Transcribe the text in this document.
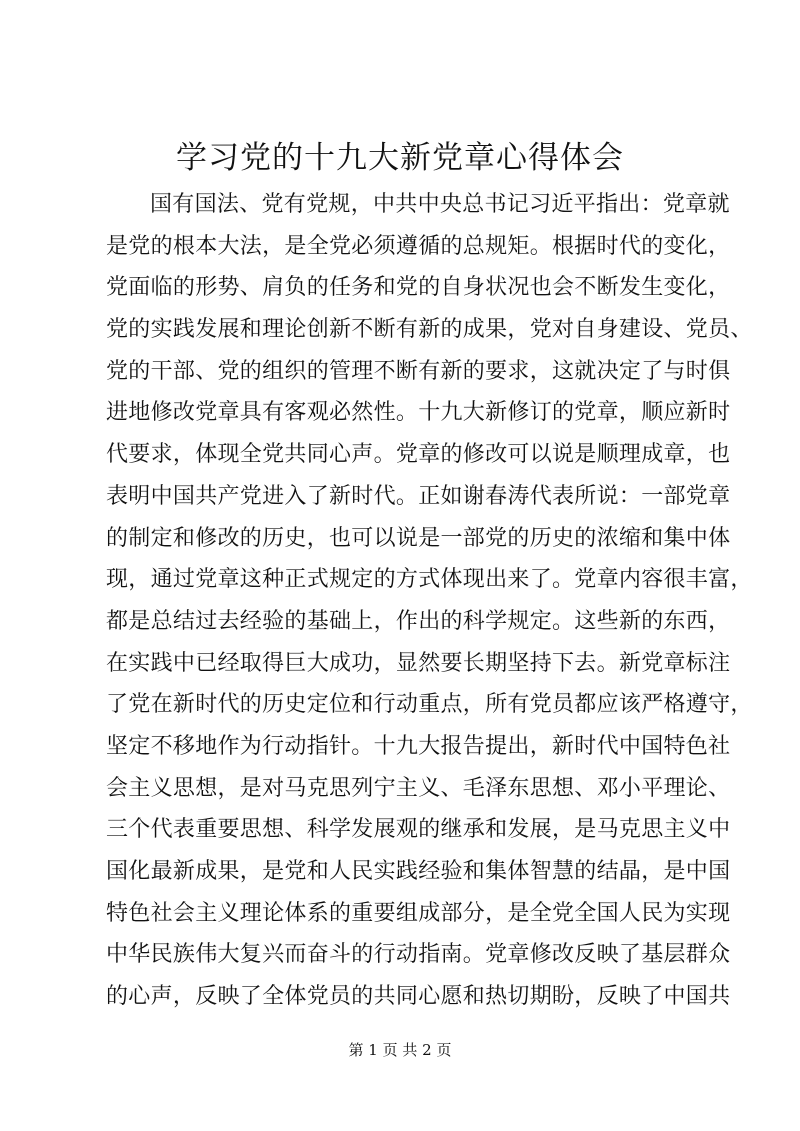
学习党的十九大新党章心得体会
国有国法、党有党规，中共中央总书记习近平指出：党章就
是党的根本大法，是全党必须遵循的总规矩。根据时代的变化，
党面临的形势、肩负的任务和党的自身状况也会不断发生变化，
党的实践发展和理论创新不断有新的成果，党对自身建设、党员、
党的干部、党的组织的管理不断有新的要求，这就决定了与时俱
进地修改党章具有客观必然性。十九大新修订的党章，顺应新时
代要求，体现全党共同心声。党章的修改可以说是顺理成章，也
表明中国共产党进入了新时代。正如谢春涛代表所说：一部党章
的制定和修改的历史，也可以说是一部党的历史的浓缩和集中体
现，通过党章这种正式规定的方式体现出来了。党章内容很丰富，
都是总结过去经验的基础上，作出的科学规定。这些新的东西，
在实践中已经取得巨大成功，显然要长期坚持下去。新党章标注
了党在新时代的历史定位和行动重点，所有党员都应该严格遵守，
坚定不移地作为行动指针。十九大报告提出，新时代中国特色社
会主义思想，是对马克思列宁主义、毛泽东思想、邓小平理论、
三个代表重要思想、科学发展观的继承和发展，是马克思主义中
国化最新成果，是党和人民实践经验和集体智慧的结晶，是中国
特色社会主义理论体系的重要组成部分，是全党全国人民为实现
中华民族伟大复兴而奋斗的行动指南。党章修改反映了基层群众
的心声，反映了全体党员的共同心愿和热切期盼，反映了中国共
第 1 页 共 2 页
